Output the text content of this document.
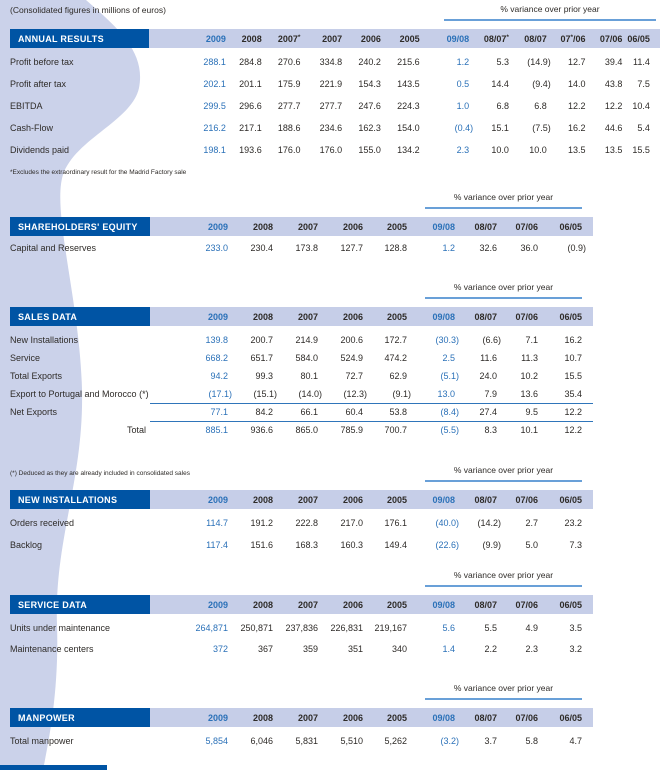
(Consolidated figures in millions of euros)	% variance over prior year
ANNUAL RESULTS	2009	2008	2007*	2007	2006	2005	09/08	08/07*	08/07	07*/06	07/06	06/05	

Profit before tax	288.1	284.8	270.6	334.8	240.2	215.6	1.2	5.3	(14.9)	12.7	39.4	11.4	
Profit after tax	202.1	201.1	175.9	221.9	154.3	143.5	0.5	14.4	(9.4)	14.0	43.8	7.5	
EBITDA	299.5	296.6	277.7	277.7	247.6	224.3	1.0	6.8	6.8	12.2	12.2	10.4	
Cash-Flow	216.2	217.1	188.6	234.6	162.3	154.0	(0.4)	15.1	(7.5)	16.2	44.6	5.4	
Dividends paid	198.1	193.6	176.0	176.0	155.0	134.2	2.3	10.0	10.0	13.5	13.5	15.5	
*Excludes the extraordinary result for the Madrid Factory sale
% variance over prior year
SHAREHOLDERS' EQUITY	2009	2008	2007	2006	2005	09/08	08/07	07/06	06/05	

Capital and Reserves	233.0	230.4	173.8	127.7	128.8	1.2	32.6	36.0	(0.9)	
% variance over prior year
SALES DATA	2009	2008	2007	2006	2005	09/08	08/07	07/06	06/05	

New Installations	139.8	200.7	214.9	200.6	172.7	(30.3)	(6.6)	7.1	16.2	
Service	668.2	651.7	584.0	524.9	474.2	2.5	11.6	11.3	10.7	
Total Exports	94.2	99.3	80.1	72.7	62.9	(5.1)	24.0	10.2	15.5	
Export to Portugal and Morocco (*)	(17.1)	(15.1)	(14.0)	(12.3)	(9.1)	13.0	7.9	13.6	35.4	
Net Exports	77.1	84.2	66.1	60.4	53.8	(8.4)	27.4	9.5	12.2	
Total	885.1	936.6	865.0	785.9	700.7	(5.5)	8.3	10.1	12.2	
(*) Deduced as they are already included in consolidated sales	% variance over prior year
NEW INSTALLATIONS	2009	2008	2007	2006	2005	09/08	08/07	07/06	06/05	

Orders received	114.7	191.2	222.8	217.0	176.1	(40.0)	(14.2)	2.7	23.2	
Backlog	117.4	151.6	168.3	160.3	149.4	(22.6)	(9.9)	5.0	7.3	
% variance over prior year
SERVICE DATA	2009	2008	2007	2006	2005	09/08	08/07	07/06	06/05	

Units under maintenance	264,871	250,871	237,836	226,831	219,167	5.6	5.5	4.9	3.5	
Maintenance centers	372	367	359	351	340	1.4	2.2	2.3	3.2	
% variance over prior year
MANPOWER	2009	2008	2007	2006	2005	09/08	08/07	07/06	06/05	

Total manpower	5,854	6,046	5,831	5,510	5,262	(3.2)	3.7	5.8	4.7	
